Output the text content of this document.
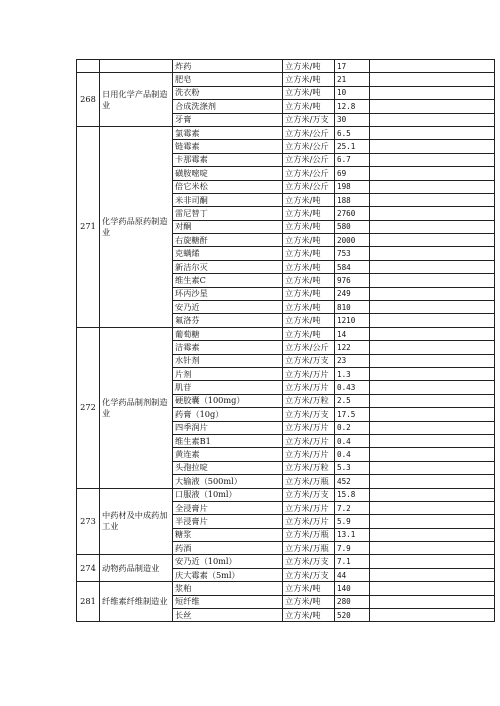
		炸药	立方米/吨	17	
268	日用化学产品制造业	肥皂	立方米/吨	21	
		洗衣粉	立方米/吨	10	
		合成洗涤剂	立方米/吨	12.8	
		牙膏	立方米/万支	30	
271	化学药品原药制造业	氯霉素	立方米/公斤	6.5	
		链霉素	立方米/公斤	25.1	
		卡那霉素	立方米/公斤	6.7	
		磺胺嘧啶	立方米/公斤	69	
		倍它米松	立方米/公斤	198	
		米非司酮	立方米/吨	188	
		雷尼替丁	立方米/吨	2760	
		对酮	立方米/吨	580	
		右旋糖酐	立方米/吨	2000	
		克螨烯	立方米/吨	753	
		新洁尔灭	立方米/吨	584	
		维生素C	立方米/吨	976	
		环丙沙星	立方米/吨	249	
		安乃近	立方米/吨	810	
		氟洛芬	立方米/吨	1210	
272	化学药品制剂制造业	葡萄糖	立方米/吨	14	
		洁霉素	立方米/公斤	122	
		水针剂	立方米/万支	23	
		片剂	立方米/万片	1.3	
		肌苷	立方米/万片	0.43	
		硬胶囊（100mg）	立方米/万粒	2.5	
		药膏（10g）	立方米/万支	17.5	
		四季润片	立方米/万片	0.2	
		维生素B1	立方米/万片	0.4	
		黄连素	立方米/万片	0.4	
		头孢拉啶	立方米/万粒	5.3	
		大输液（500ml）	立方米/万瓶	452	
273	中药材及中成药加工业	口服液（10ml）	立方米/万支	15.8	
		全浸膏片	立方米/万片	7.2	
		半浸膏片	立方米/万片	5.9	
		糖浆	立方米/万瓶	13.1	
		药酒	立方米/万瓶	7.9	
274	动物药品制造业	安乃近（10ml）	立方米/万支	7.1	
		庆大霉素（5ml）	立方米/万支	44	
281	纤维素纤维制造业	浆粕	立方米/吨	140	
		短纤维	立方米/吨	280	
		长丝	立方米/吨	520	
